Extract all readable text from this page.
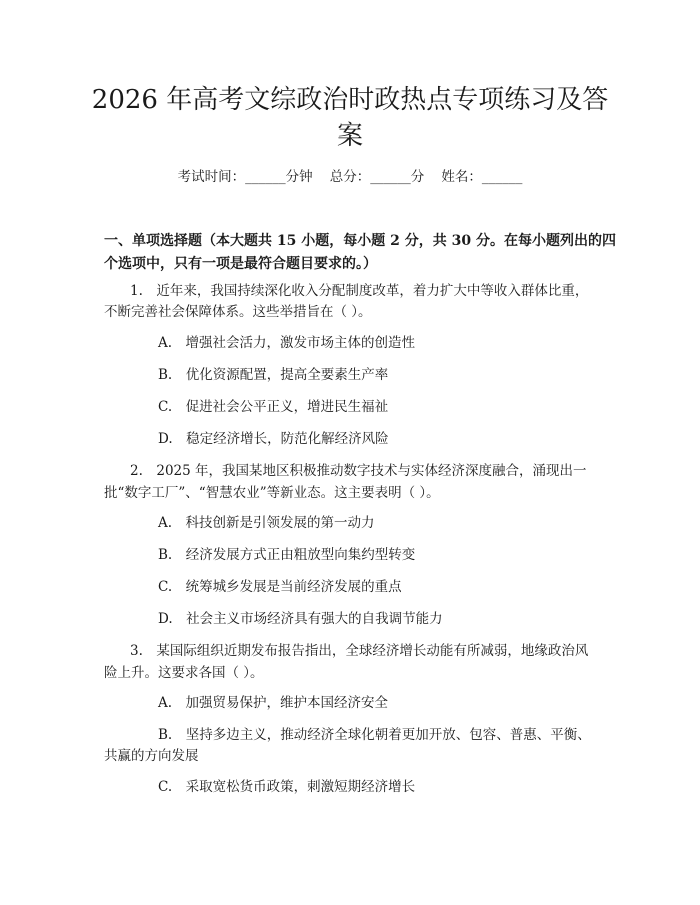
2026 年高考文综政治时政热点专项练习及答
案
考试时间：______分钟    总分：______分    姓名：______
一、单项选择题（本大题共 15 小题，每小题 2 分，共 30 分。在每小题列出的四
个选项中，只有一项是最符合题目要求的。）
1.　近年来，我国持续深化收入分配制度改革，着力扩大中等收入群体比重，
不断完善社会保障体系。这些举措旨在（ ）。
A.　增强社会活力，激发市场主体的创造性
B.　优化资源配置，提高全要素生产率
C.　促进社会公平正义，增进民生福祉
D.　稳定经济增长，防范化解经济风险
2.　2025 年，我国某地区积极推动数字技术与实体经济深度融合，涌现出一
批“数字工厂”、“智慧农业”等新业态。这主要表明（ ）。
A.　科技创新是引领发展的第一动力
B.　经济发展方式正由粗放型向集约型转变
C.　统筹城乡发展是当前经济发展的重点
D.　社会主义市场经济具有强大的自我调节能力
3.　某国际组织近期发布报告指出，全球经济增长动能有所减弱，地缘政治风
险上升。这要求各国（ ）。
A.　加强贸易保护，维护本国经济安全
B.　坚持多边主义，推动经济全球化朝着更加开放、包容、普惠、平衡、
共赢的方向发展
C.　采取宽松货币政策，刺激短期经济增长
